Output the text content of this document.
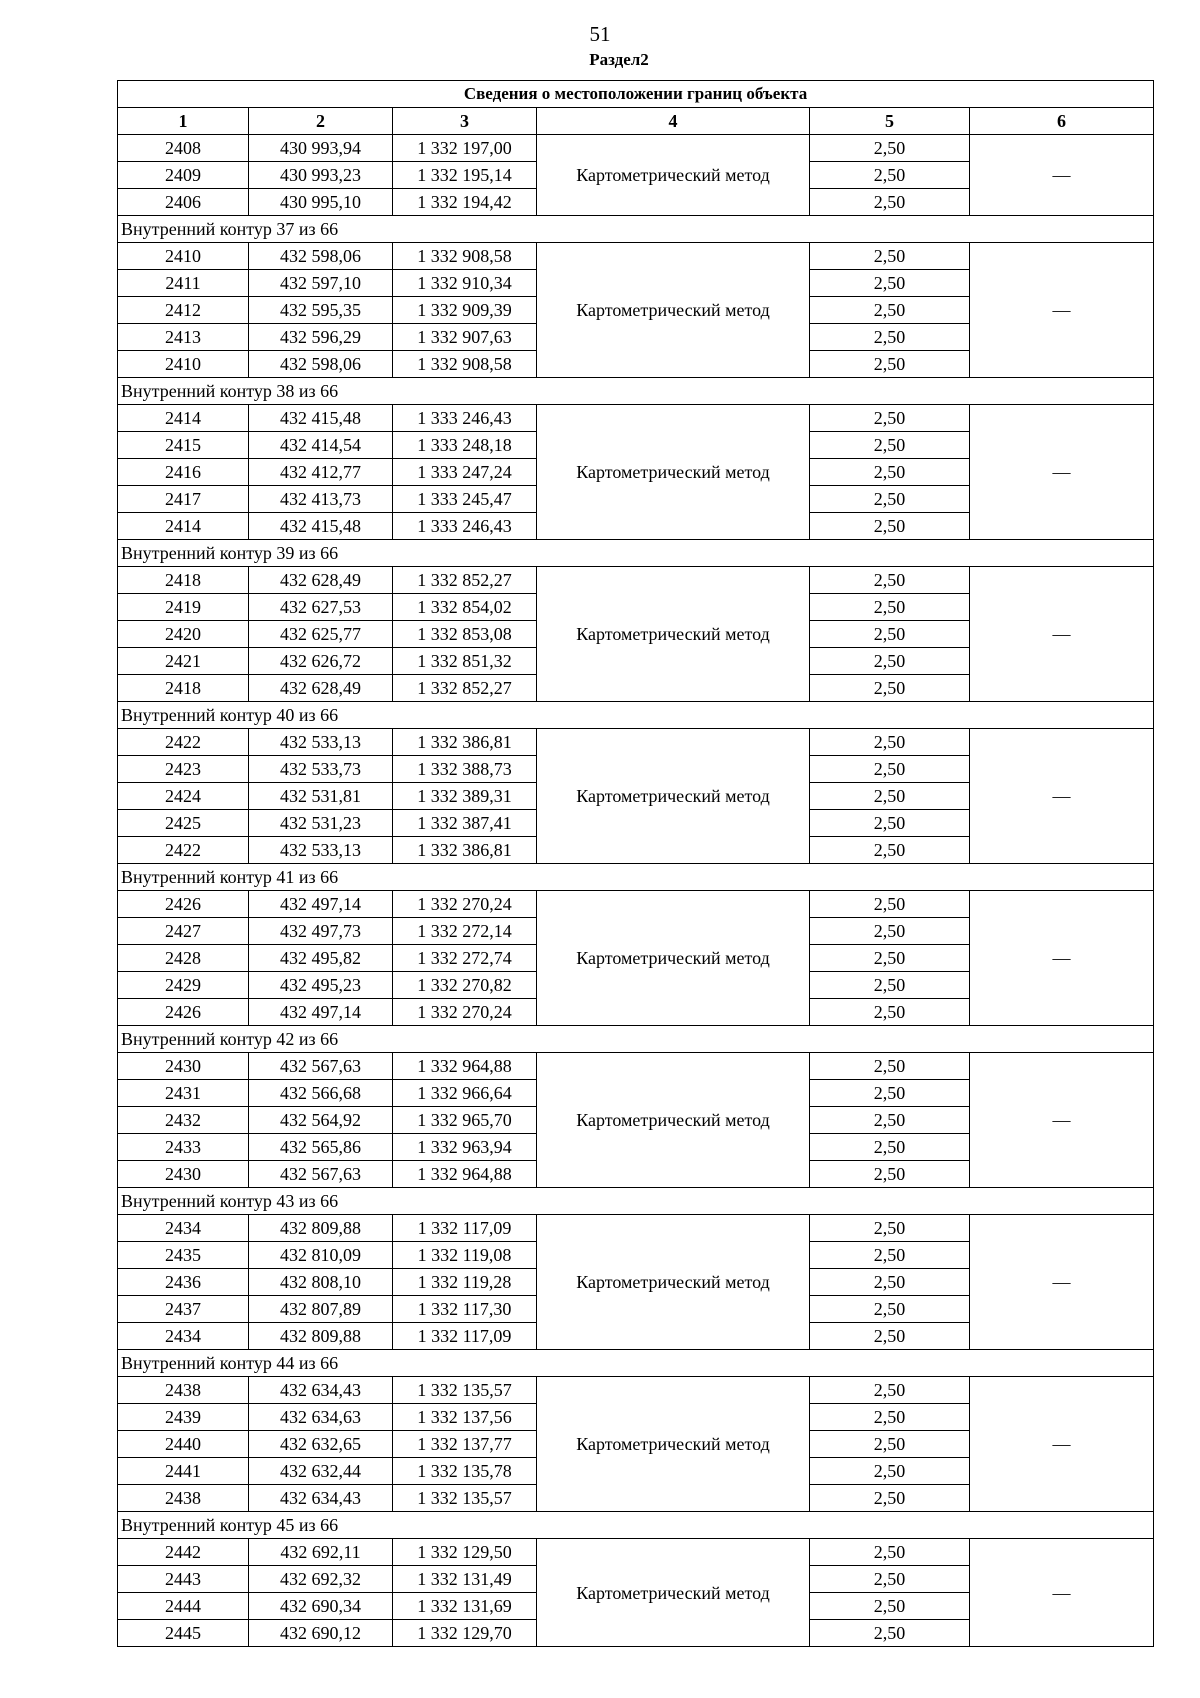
51
Раздел2
Сведения о местоположении границ объекта					
1	2	3	4	5	6
2408	430 993,94	1 332 197,00	Картометрический метод	2,50	—
2409	430 993,23	1 332 195,14		2,50	
2406	430 995,10	1 332 194,42		2,50	
Внутренний контур 37 из 66					
2410	432 598,06	1 332 908,58	Картометрический метод	2,50	—
2411	432 597,10	1 332 910,34		2,50	
2412	432 595,35	1 332 909,39		2,50	
2413	432 596,29	1 332 907,63		2,50	
2410	432 598,06	1 332 908,58		2,50	
Внутренний контур 38 из 66					
2414	432 415,48	1 333 246,43	Картометрический метод	2,50	—
2415	432 414,54	1 333 248,18		2,50	
2416	432 412,77	1 333 247,24		2,50	
2417	432 413,73	1 333 245,47		2,50	
2414	432 415,48	1 333 246,43		2,50	
Внутренний контур 39 из 66					
2418	432 628,49	1 332 852,27	Картометрический метод	2,50	—
2419	432 627,53	1 332 854,02		2,50	
2420	432 625,77	1 332 853,08		2,50	
2421	432 626,72	1 332 851,32		2,50	
2418	432 628,49	1 332 852,27		2,50	
Внутренний контур 40 из 66					
2422	432 533,13	1 332 386,81	Картометрический метод	2,50	—
2423	432 533,73	1 332 388,73		2,50	
2424	432 531,81	1 332 389,31		2,50	
2425	432 531,23	1 332 387,41		2,50	
2422	432 533,13	1 332 386,81		2,50	
Внутренний контур 41 из 66					
2426	432 497,14	1 332 270,24	Картометрический метод	2,50	—
2427	432 497,73	1 332 272,14		2,50	
2428	432 495,82	1 332 272,74		2,50	
2429	432 495,23	1 332 270,82		2,50	
2426	432 497,14	1 332 270,24		2,50	
Внутренний контур 42 из 66					
2430	432 567,63	1 332 964,88	Картометрический метод	2,50	—
2431	432 566,68	1 332 966,64		2,50	
2432	432 564,92	1 332 965,70		2,50	
2433	432 565,86	1 332 963,94		2,50	
2430	432 567,63	1 332 964,88		2,50	
Внутренний контур 43 из 66					
2434	432 809,88	1 332 117,09	Картометрический метод	2,50	—
2435	432 810,09	1 332 119,08		2,50	
2436	432 808,10	1 332 119,28		2,50	
2437	432 807,89	1 332 117,30		2,50	
2434	432 809,88	1 332 117,09		2,50	
Внутренний контур 44 из 66					
2438	432 634,43	1 332 135,57	Картометрический метод	2,50	—
2439	432 634,63	1 332 137,56		2,50	
2440	432 632,65	1 332 137,77		2,50	
2441	432 632,44	1 332 135,78		2,50	
2438	432 634,43	1 332 135,57		2,50	
Внутренний контур 45 из 66					
2442	432 692,11	1 332 129,50	Картометрический метод	2,50	—
2443	432 692,32	1 332 131,49		2,50	
2444	432 690,34	1 332 131,69		2,50	
2445	432 690,12	1 332 129,70		2,50	
